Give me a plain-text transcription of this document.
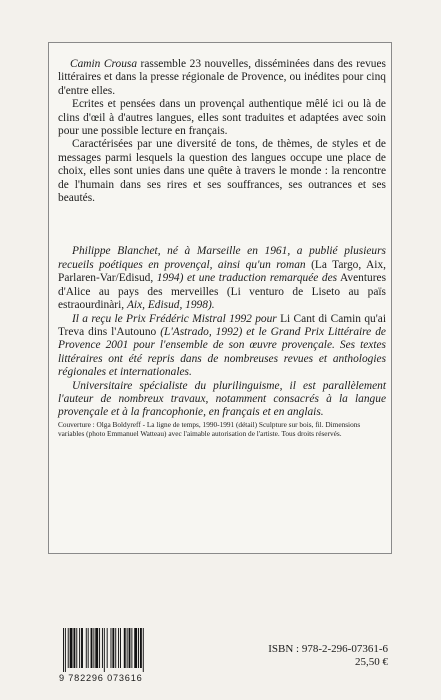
Camin Crousa rassemble 23 nouvelles, disséminées dans des revues littéraires et dans la presse régionale de Provence, ou inédites pour cinq d'entre elles.

Ecrites et pensées dans un provençal authentique mêlé ici ou là de clins d'œil à d'autres langues, elles sont traduites et adaptées avec soin pour une possible lecture en français.

Caractérisées par une diversité de tons, de thèmes, de styles et de messages parmi lesquels la question des langues occupe une place de choix, elles sont unies dans une quête à travers le monde : la rencontre de l'humain dans ses rires et ses souffrances, ses outrances et ses beautés.

Philippe Blanchet, né à Marseille en 1961, a publié plusieurs recueils poétiques en provençal, ainsi qu'un roman (La Targo, Aix, Parlaren-Var/Edisud, 1994) et une traduction remarquée des Aventures d'Alice au pays des merveilles (Li venturo de Liseto au païs estraourdinàri, Aix, Edisud, 1998).

Il a reçu le Prix Frédéric Mistral 1992 pour Li Cant di Camin qu'ai Treva dins l'Autouno (L'Astrado, 1992) et le Grand Prix Littéraire de Provence 2001 pour l'ensemble de son œuvre provençale. Ses textes littéraires ont été repris dans de nombreuses revues et anthologies régionales et internationales.

Universitaire spécialiste du plurilinguisme, il est parallèlement l'auteur de nombreux travaux, notamment consacrés à la langue provençale et à la francophonie, en français et en anglais.

Couverture : Olga Boldyreff - La ligne de temps, 1990-1991 (détail) Sculpture sur bois, fil. Dimensions variables (photo Emmanuel Watteau) avec l'aimable autorisation de l'artiste. Tous droits réservés.

9 782296 073616
ISBN : 978-2-296-07361-6
25,50 €
